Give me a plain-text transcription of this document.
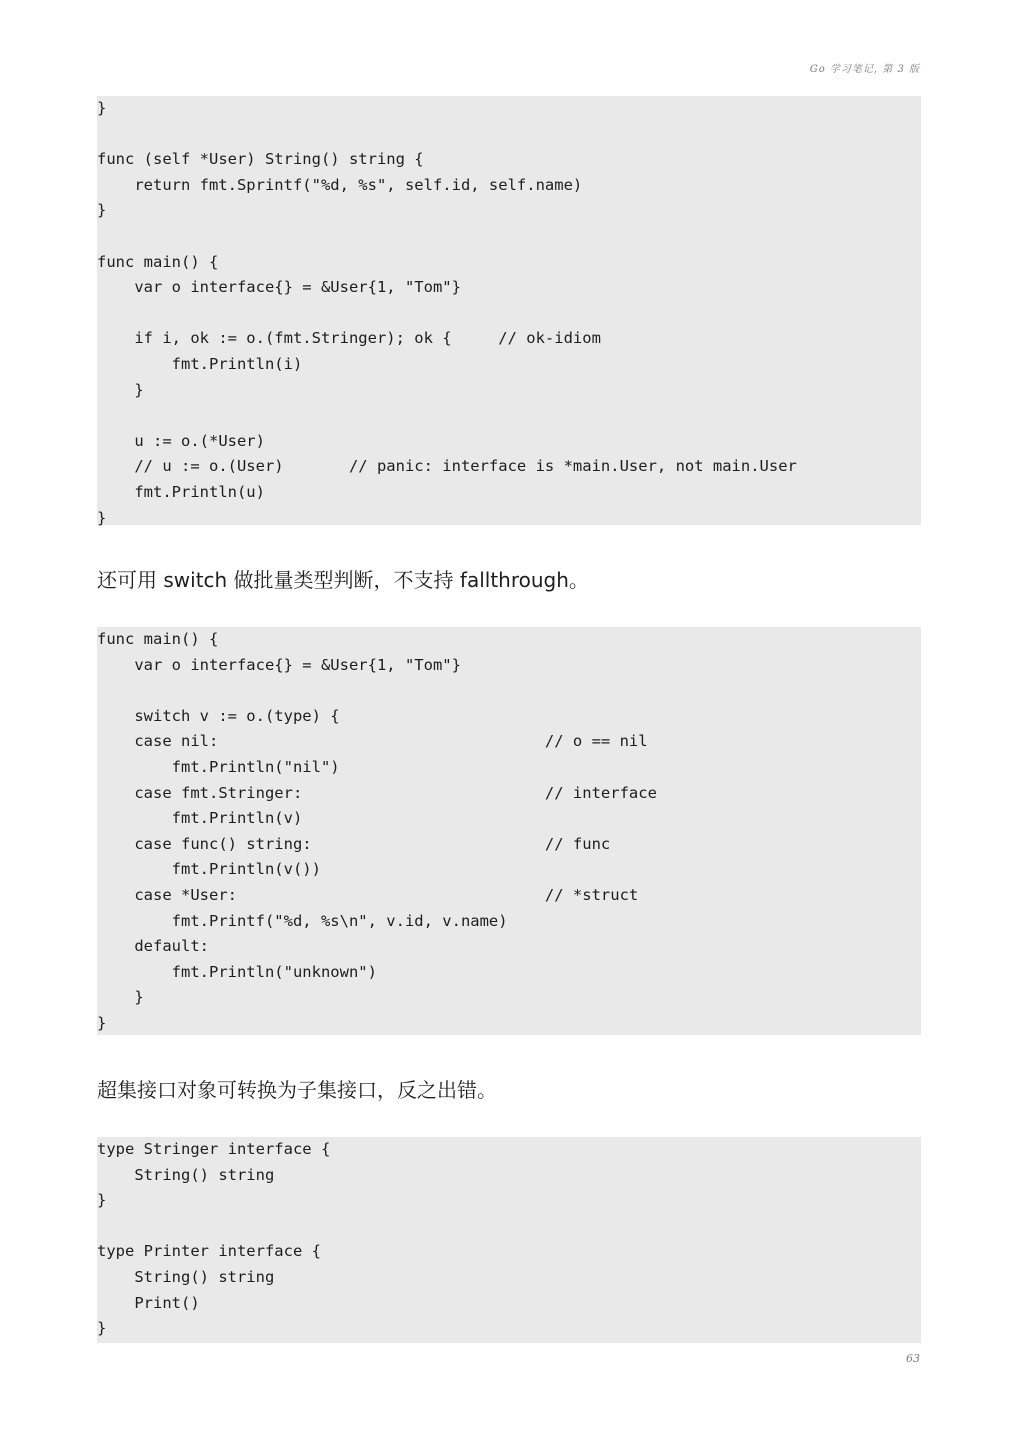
Go 学习笔记, 第 3 版
}
func (self *User) String() string {
return fmt.Sprintf("%d, %s", self.id, self.name)
}
func main() {
var o interface{} = &User{1, "Tom"}
if i, ok := o.(fmt.Stringer); ok {     // ok-idiom
fmt.Println(i)
}
u := o.(*User)
// u := o.(User)       // panic: interface is *main.User, not main.User
fmt.Println(u)
}

还可用 switch 做批量类型判断，不支持 fallthrough。

func main() {
var o interface{} = &User{1, "Tom"}
switch v := o.(type) {
case nil:                                   // o == nil
fmt.Println("nil")
case fmt.Stringer:                          // interface
fmt.Println(v)
case func() string:                         // func
fmt.Println(v())
case *User:                                 // *struct
fmt.Printf("%d, %s\n", v.id, v.name)
default:
fmt.Println("unknown")
}
}

超集接口对象可转换为子集接口，反之出错。

type Stringer interface {
String() string
}
type Printer interface {
String() string
Print()
}
63
